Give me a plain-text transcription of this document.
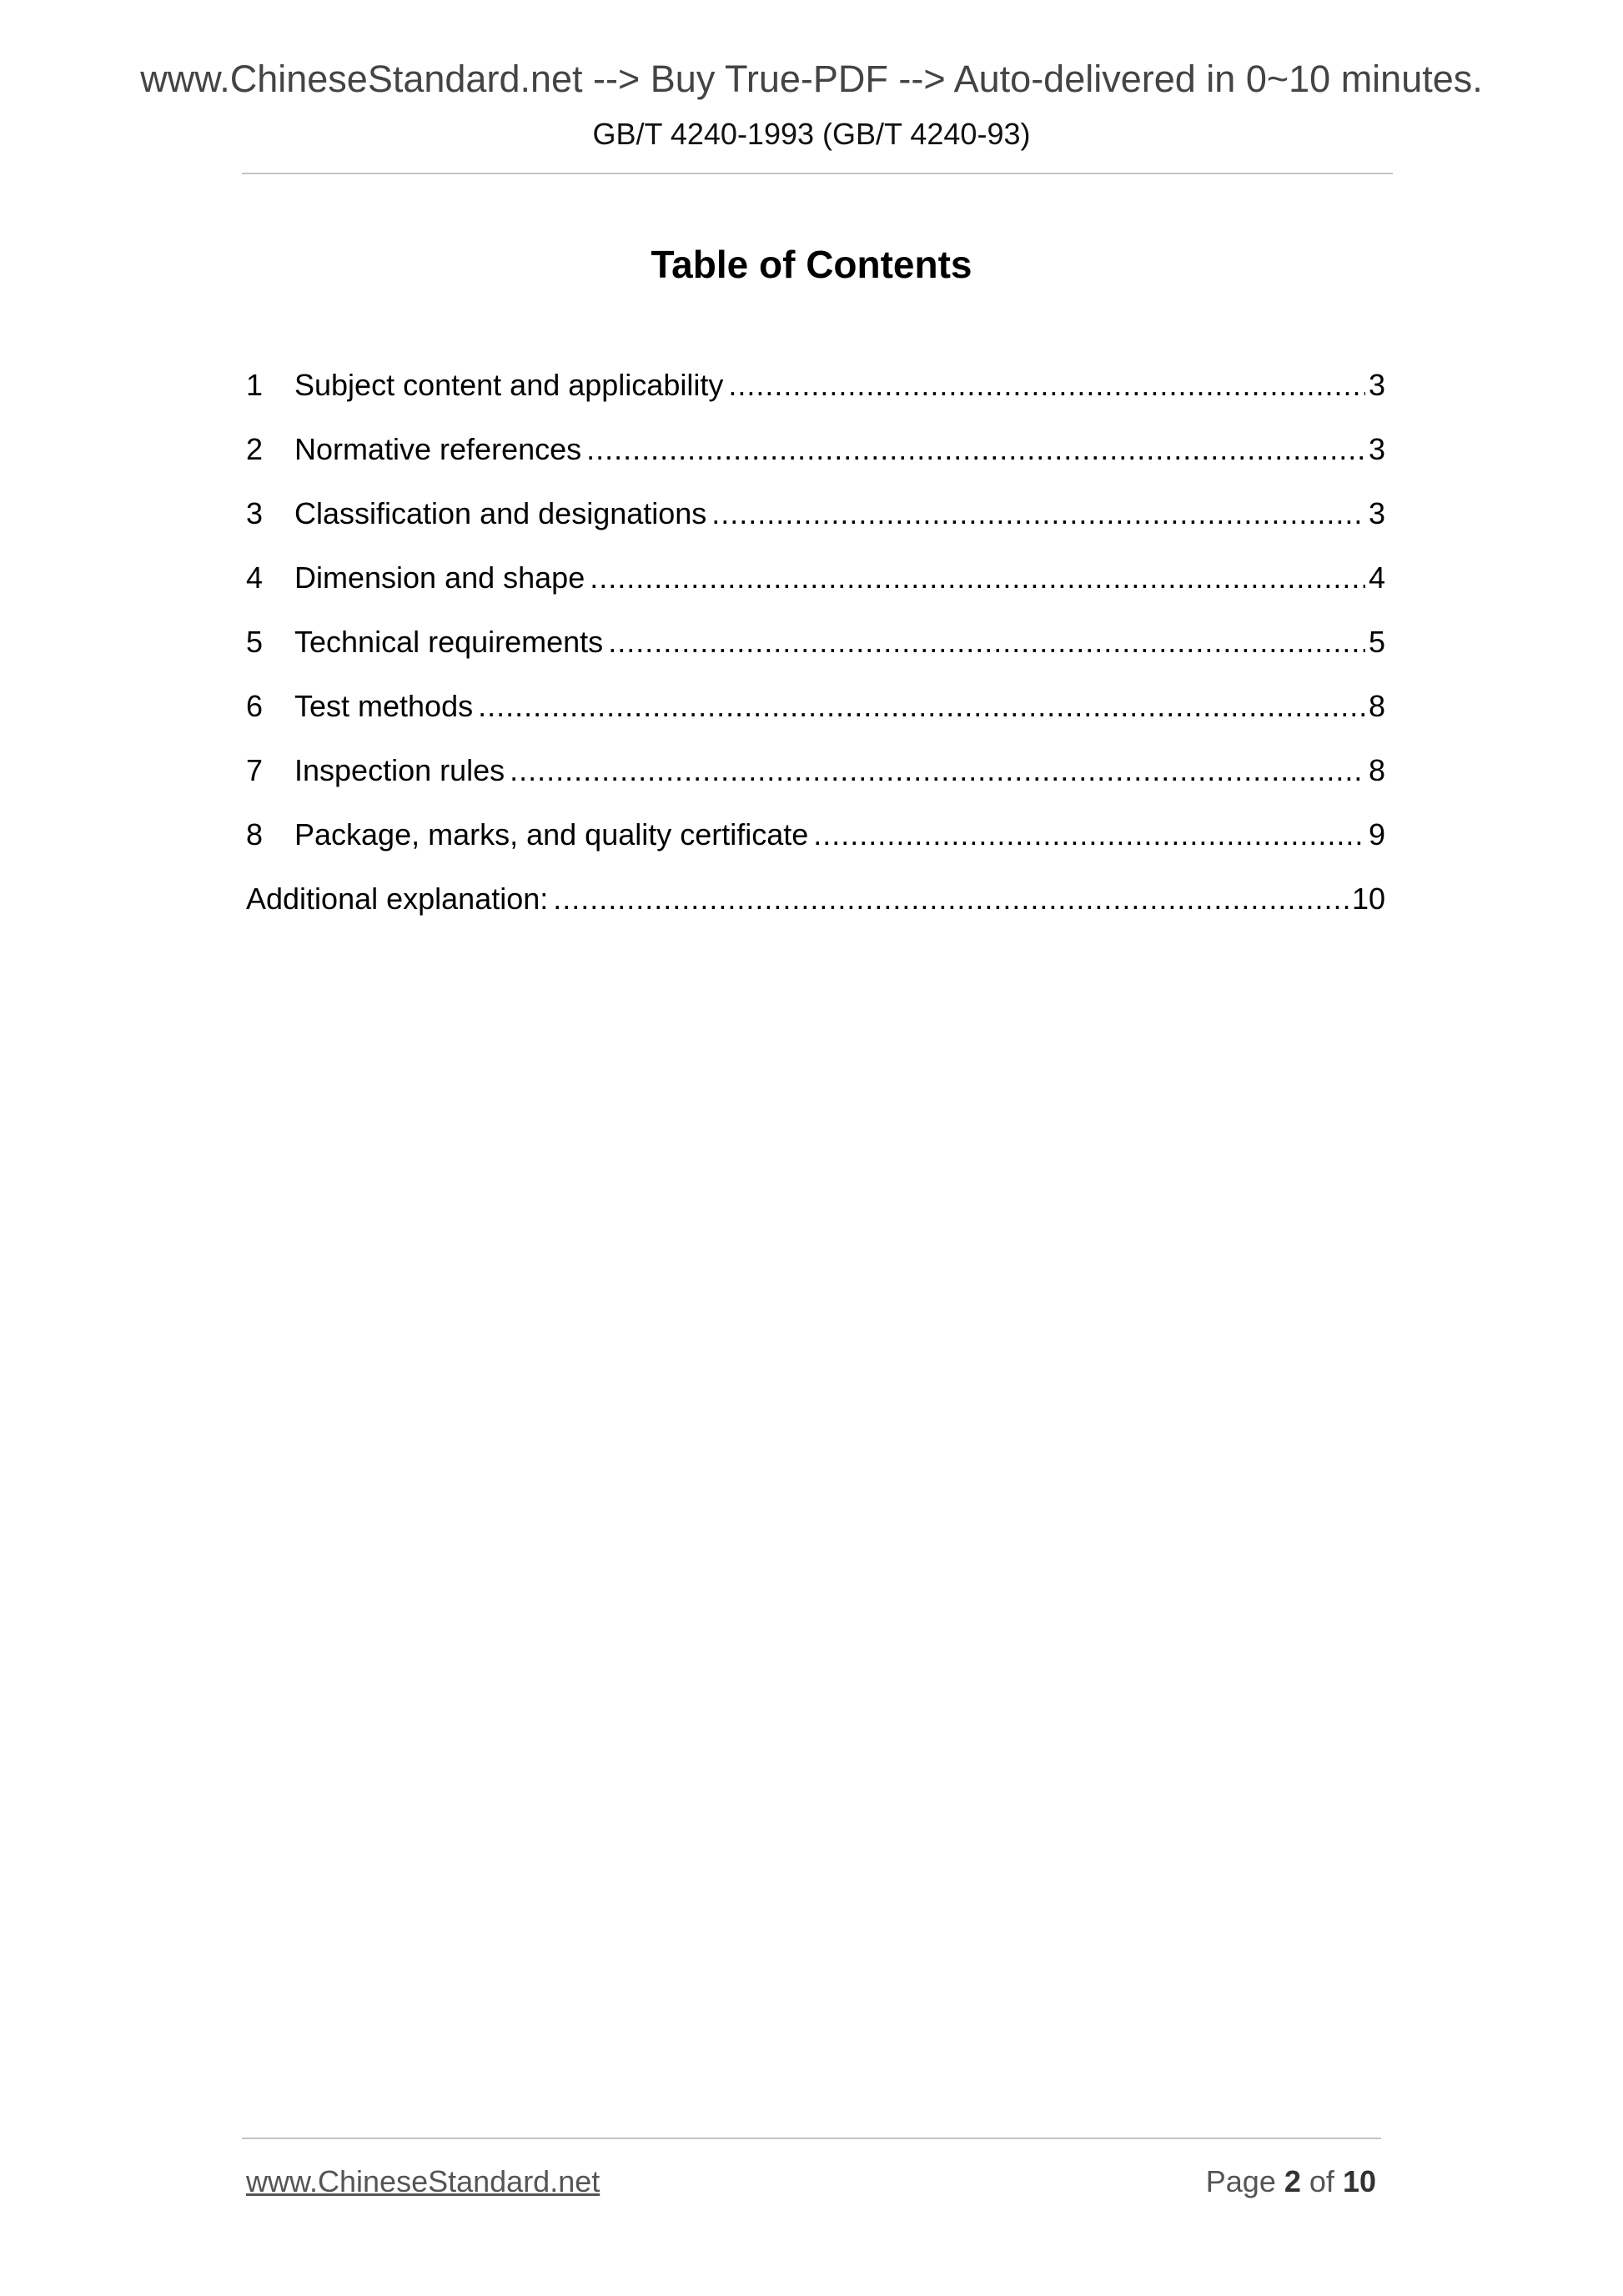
www.ChineseStandard.net --> Buy True-PDF --> Auto-delivered in 0~10 minutes.
GB/T 4240-1993 (GB/T 4240-93)
Table of Contents
1	Subject content and applicability .....	3
2	Normative references .....	3
3	Classification and designations .....	3
4	Dimension and shape .....	4
5	Technical requirements .....	5
6	Test methods .....	8
7	Inspection rules .....	8
8	Package, marks, and quality certificate .....	9
Additional explanation: .....	10
www.ChineseStandard.net	Page 2 of 10
